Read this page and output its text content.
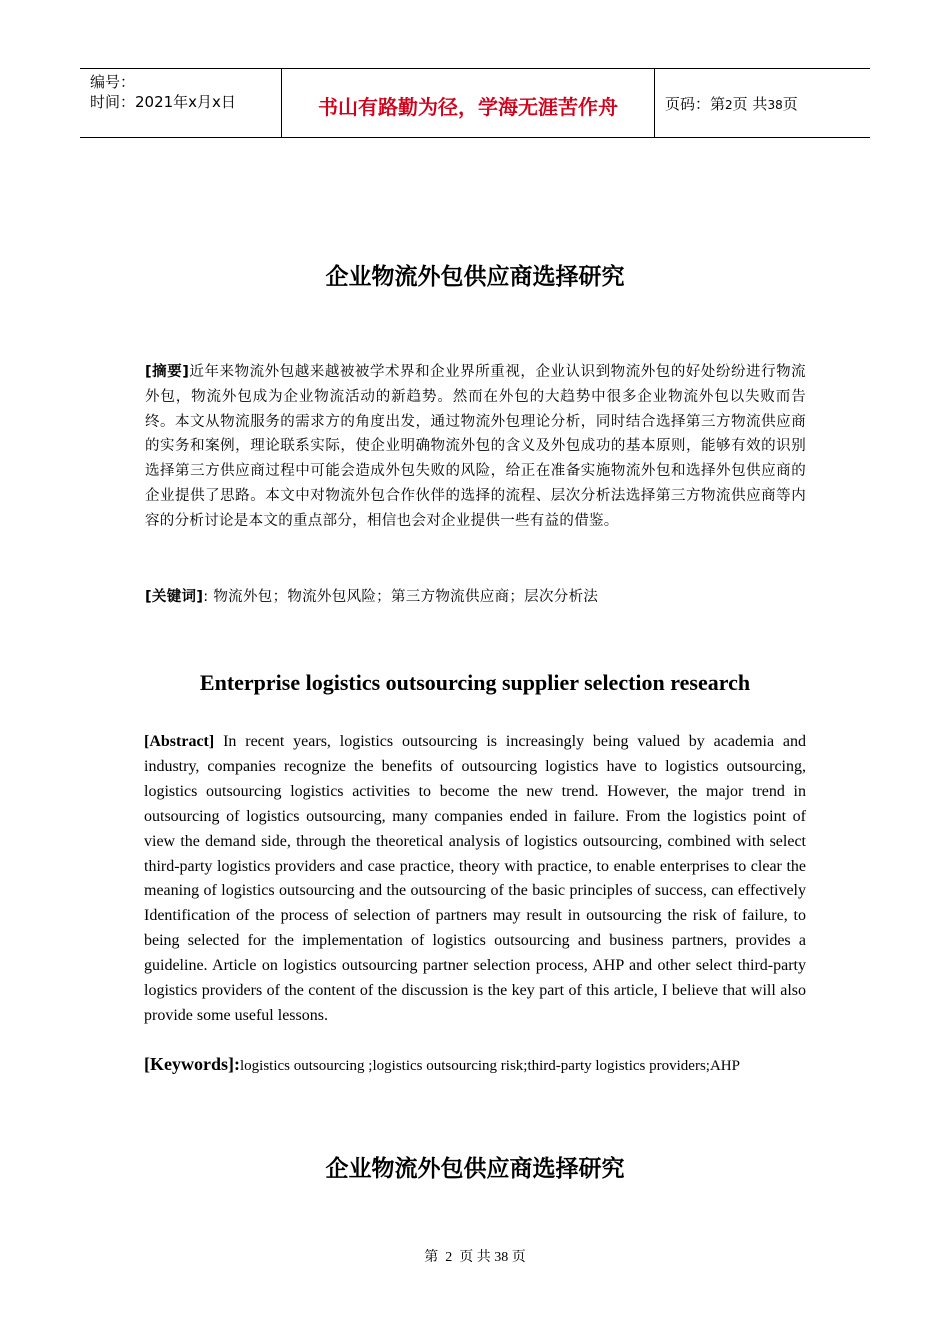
编号：
时间：2021年x月x日	书山有路勤为径，学海无涯苦作舟	页码：第2页 共38页
企业物流外包供应商选择研究
[摘要]近年来物流外包越来越被被学术界和企业界所重视，企业认识到物流外包的好处纷纷进行物流外包，物流外包成为企业物流活动的新趋势。然而在外包的大趋势中很多企业物流外包以失败而告终。本文从物流服务的需求方的角度出发，通过物流外包理论分析，同时结合选择第三方物流供应商的实务和案例，理论联系实际，使企业明确物流外包的含义及外包成功的基本原则，能够有效的识别选择第三方供应商过程中可能会造成外包失败的风险，给正在准备实施物流外包和选择外包供应商的企业提供了思路。本文中对物流外包合作伙伴的选择的流程、层次分析法选择第三方物流供应商等内容的分析讨论是本文的重点部分，相信也会对企业提供一些有益的借鉴。
[关键词]: 物流外包；物流外包风险；第三方物流供应商；层次分析法
Enterprise logistics outsourcing supplier selection research
[Abstract] In recent years, logistics outsourcing is increasingly being valued by academia and industry, companies recognize the benefits of outsourcing logistics have to logistics outsourcing, logistics outsourcing logistics activities to become the new trend. However, the major trend in outsourcing of logistics outsourcing, many companies ended in failure. From the logistics point of view the demand side, through the theoretical analysis of logistics outsourcing, combined with select third-party logistics providers and case practice, theory with practice, to enable enterprises to clear the meaning of logistics outsourcing and the outsourcing of the basic principles of success, can effectively Identification of the process of selection of partners may result in outsourcing the risk of failure, to being selected for the implementation of logistics outsourcing and business partners, provides a guideline. Article on logistics outsourcing partner selection process, AHP and other select third-party logistics providers of the content of the discussion is the key part of this article, I believe that will also provide some useful lessons.
[Keywords]:logistics outsourcing ;logistics outsourcing risk;third-party logistics providers;AHP
企业物流外包供应商选择研究
第 2 页 共 38 页
